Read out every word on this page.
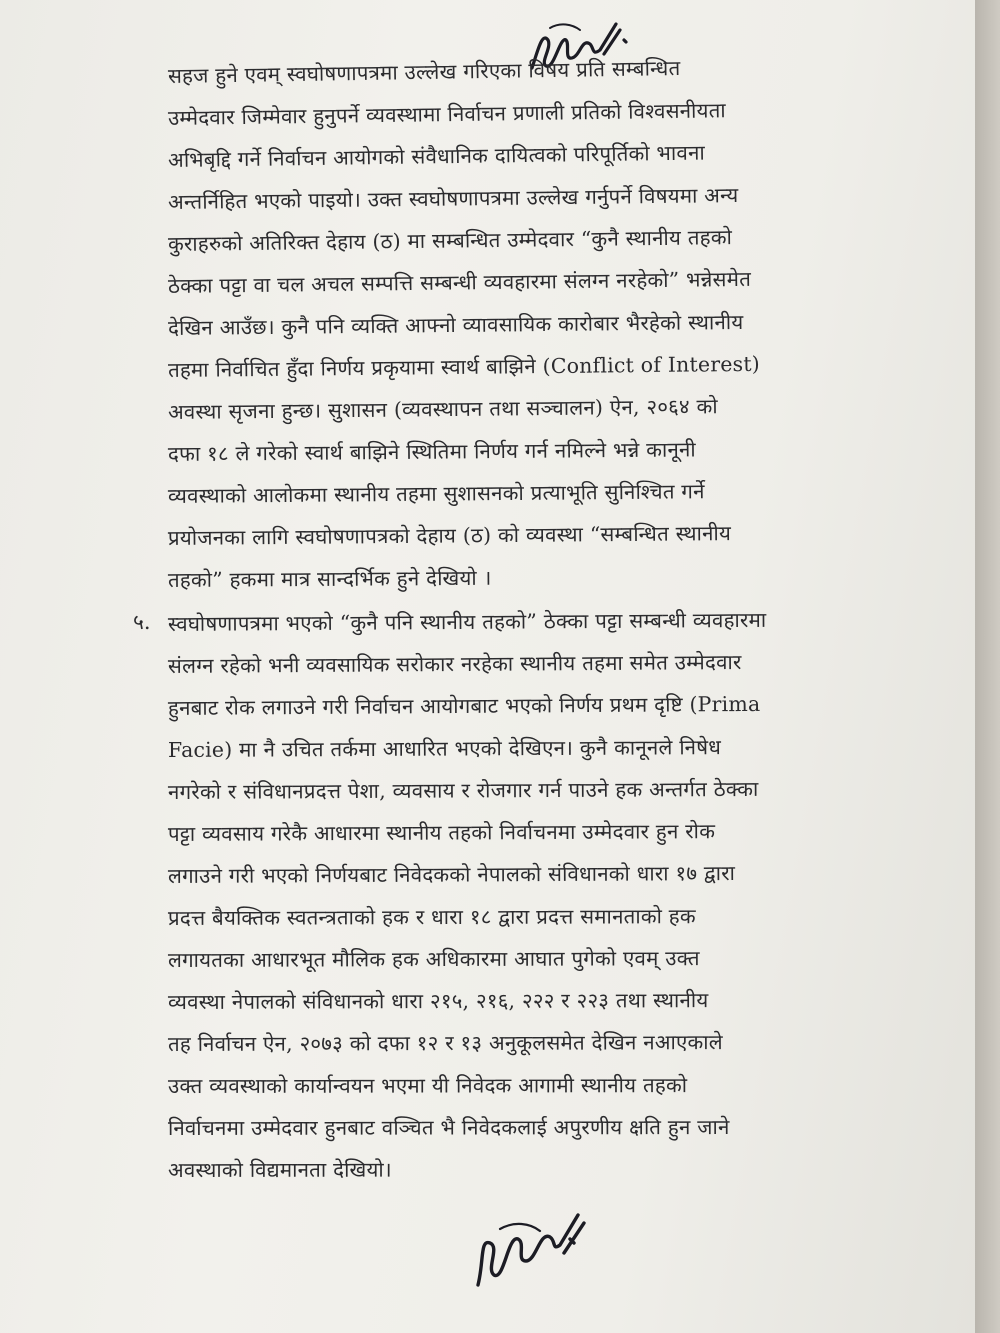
सहज हुने एवम् स्वघोषणापत्रमा उल्लेख गरिएका विषय प्रति सम्बन्धित
उम्मेदवार जिम्मेवार हुनुपर्ने व्यवस्थामा निर्वाचन प्रणाली प्रतिको विश्वसनीयता
अभिबृद्दि गर्ने निर्वाचन आयोगको संवैधानिक दायित्वको परिपूर्तिको भावना
अन्तर्निहित भएको पाइयो। उक्त स्वघोषणापत्रमा उल्लेख गर्नुपर्ने विषयमा अन्य
कुराहरुको अतिरिक्त देहाय (ठ) मा सम्बन्धित उम्मेदवार “कुनै स्थानीय तहको
ठेक्का पट्टा वा चल अचल सम्पत्ति सम्बन्धी व्यवहारमा संलग्न नरहेको” भन्नेसमेत
देखिन आउँछ। कुनै पनि व्यक्ति आफ्नो व्यावसायिक कारोबार भैरहेको स्थानीय
तहमा निर्वाचित हुँदा निर्णय प्रकृयामा स्वार्थ बाझिने (Conflict of Interest)
अवस्था सृजना हुन्छ। सुशासन (व्यवस्थापन तथा सञ्चालन) ऐन, २०६४ को
दफा १८ ले गरेको स्वार्थ बाझिने स्थितिमा निर्णय गर्न नमिल्ने भन्ने कानूनी
व्यवस्थाको आलोकमा स्थानीय तहमा सुशासनको प्रत्याभूति सुनिश्चित गर्ने
प्रयोजनका लागि स्वघोषणापत्रको देहाय (ठ) को व्यवस्था “सम्बन्धित स्थानीय
तहको” हकमा मात्र सान्दर्भिक हुने देखियो ।
५. स्वघोषणापत्रमा भएको “कुनै पनि स्थानीय तहको” ठेक्का पट्टा सम्बन्धी व्यवहारमा
संलग्न रहेको भनी व्यवसायिक सरोकार नरहेका स्थानीय तहमा समेत उम्मेदवार
हुनबाट रोक लगाउने गरी निर्वाचन आयोगबाट भएको निर्णय प्रथम दृष्टि (Prima
Facie) मा नै उचित तर्कमा आधारित भएको देखिएन। कुनै कानूनले निषेध
नगरेको र संविधानप्रदत्त पेशा, व्यवसाय र रोजगार गर्न पाउने हक अन्तर्गत ठेक्का
पट्टा व्यवसाय गरेकै आधारमा स्थानीय तहको निर्वाचनमा उम्मेदवार हुन रोक
लगाउने गरी भएको निर्णयबाट निवेदकको नेपालको संविधानको धारा १७ द्वारा
प्रदत्त बैयक्तिक स्वतन्त्रताको हक र धारा १८ द्वारा प्रदत्त समानताको हक
लगायतका आधारभूत मौलिक हक अधिकारमा आघात पुगेको एवम् उक्त
व्यवस्था नेपालको संविधानको धारा २१५, २१६, २२२ र २२३ तथा स्थानीय
तह निर्वाचन ऐन, २०७३ को दफा १२ र १३ अनुकूलसमेत देखिन नआएकाले
उक्त व्यवस्थाको कार्यान्वयन भएमा यी निवेदक आगामी स्थानीय तहको
निर्वाचनमा उम्मेदवार हुनबाट वञ्चित भै निवेदकलाई अपुरणीय क्षति हुन जाने
अवस्थाको विद्यमानता देखियो।
